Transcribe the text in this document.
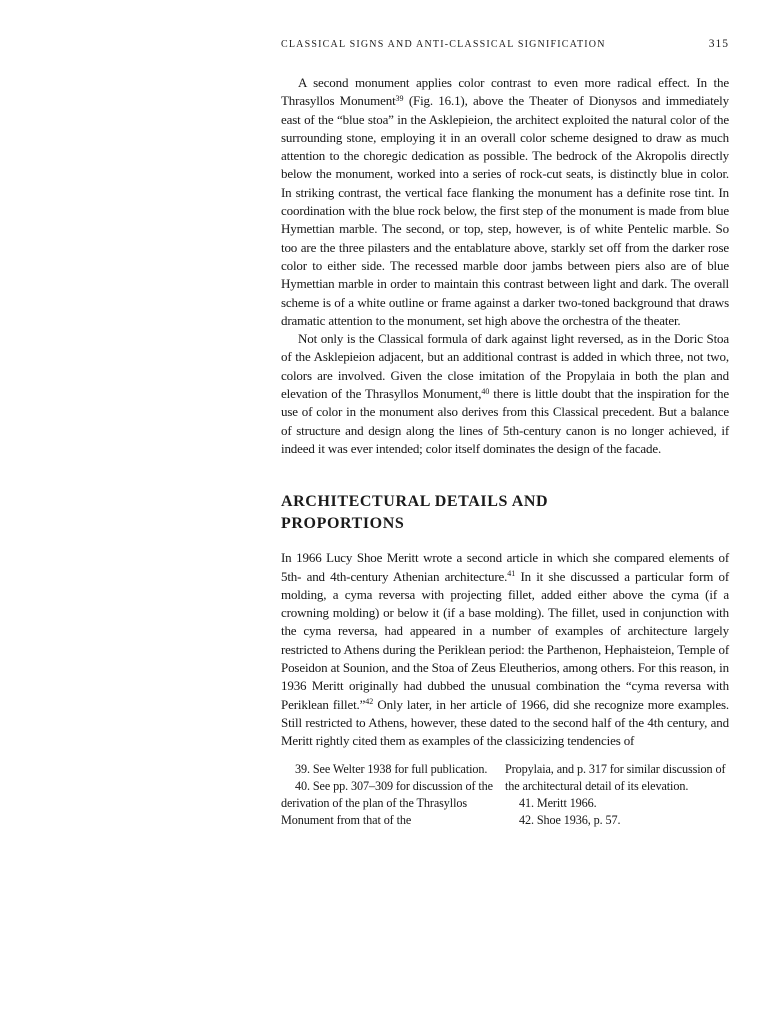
CLASSICAL SIGNS AND ANTI-CLASSICAL SIGNIFICATION	315
A second monument applies color contrast to even more radical effect. In the Thrasyllos Monument$^{39}$ (Fig. 16.1), above the Theater of Dionysos and immediately east of the “blue stoa” in the Asklepieion, the architect exploited the natural color of the surrounding stone, employing it in an overall color scheme designed to draw as much attention to the choregic dedication as possible. The bedrock of the Akropolis directly below the monument, worked into a series of rock-cut seats, is distinctly blue in color. In striking contrast, the vertical face flanking the monument has a definite rose tint. In coordination with the blue rock below, the first step of the monument is made from blue Hymettian marble. The second, or top, step, however, is of white Pentelic marble. So too are the three pilasters and the entablature above, starkly set off from the darker rose color to either side. The recessed marble door jambs between piers also are of blue Hymettian marble in order to maintain this contrast between light and dark. The overall scheme is of a white outline or frame against a darker two-toned background that draws dramatic attention to the monument, set high above the orchestra of the theater.
Not only is the Classical formula of dark against light reversed, as in the Doric Stoa of the Asklepieion adjacent, but an additional contrast is added in which three, not two, colors are involved. Given the close imitation of the Propylaia in both the plan and elevation of the Thrasyllos Monument,$^{40}$ there is little doubt that the inspiration for the use of color in the monument also derives from this Classical precedent. But a balance of structure and design along the lines of 5th-century canon is no longer achieved, if indeed it was ever intended; color itself dominates the design of the facade.
ARCHITECTURAL DETAILS AND
PROPORTIONS
In 1966 Lucy Shoe Meritt wrote a second article in which she compared elements of 5th- and 4th-century Athenian architecture.$^{41}$ In it she discussed a particular form of molding, a cyma reversa with projecting fillet, added either above the cyma (if a crowning molding) or below it (if a base molding). The fillet, used in conjunction with the cyma reversa, had appeared in a number of examples of architecture largely restricted to Athens during the Periklean period: the Parthenon, Hephaisteion, Temple of Poseidon at Sounion, and the Stoa of Zeus Eleutherios, among others. For this reason, in 1936 Meritt originally had dubbed the unusual combination the “cyma reversa with Periklean fillet.”$^{42}$ Only later, in her article of 1966, did she recognize more examples. Still restricted to Athens, however, these dated to the second half of the 4th century, and Meritt rightly cited them as examples of the classicizing tendencies of
39. See Welter 1938 for full publication.
40. See pp. 307–309 for discussion of the derivation of the plan of the Thrasyllos Monument from that of the
Propylaia, and p. 317 for similar discussion of the architectural detail of its elevation.
41. Meritt 1966.
42. Shoe 1936, p. 57.
